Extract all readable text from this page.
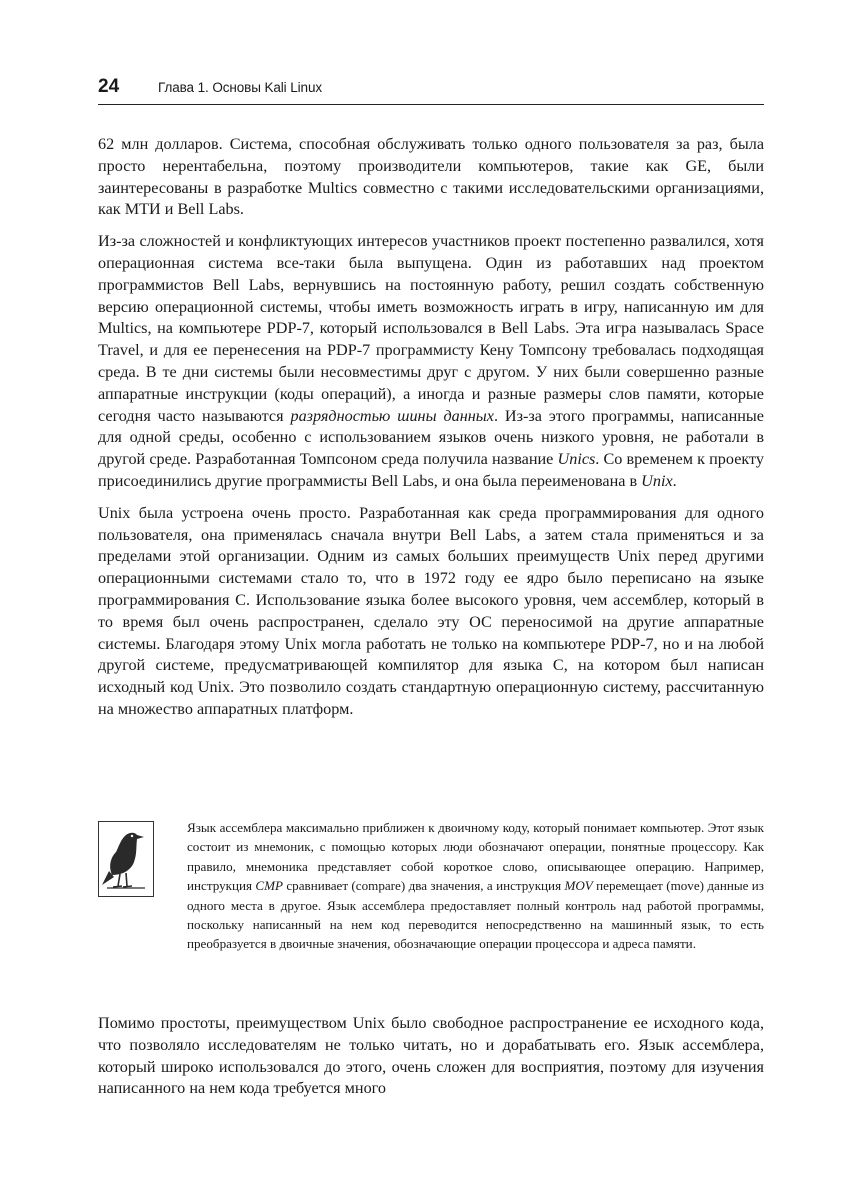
24	Глава 1. Основы Kali Linux

62 млн долларов. Система, способная обслуживать только одного пользователя за раз, была просто нерентабельна, поэтому производители компьютеров, такие как GE, были заинтересованы в разработке Multics совместно с такими исследовательскими организациями, как МТИ и Bell Labs.

Из-за сложностей и конфликтующих интересов участников проект постепенно развалился, хотя операционная система все-таки была выпущена. Один из работавших над проектом программистов Bell Labs, вернувшись на постоянную работу, решил создать собственную версию операционной системы, чтобы иметь возможность играть в игру, написанную им для Multics, на компьютере PDP-7, который использовался в Bell Labs. Эта игра называлась Space Travel, и для ее перенесения на PDP-7 программисту Кену Томпсону требовалась подходящая среда. В те дни системы были несовместимы друг с другом. У них были совершенно разные аппаратные инструкции (коды операций), а иногда и разные размеры слов памяти, которые сегодня часто называются разрядностью шины данных. Из-за этого программы, написанные для одной среды, особенно с использованием языков очень низкого уровня, не работали в другой среде. Разработанная Томпсоном среда получила название Unics. Со временем к проекту присоединились другие программисты Bell Labs, и она была переименована в Unix.

Unix была устроена очень просто. Разработанная как среда программирования для одного пользователя, она применялась сначала внутри Bell Labs, а затем стала применяться и за пределами этой организации. Одним из самых больших преимуществ Unix перед другими операционными системами стало то, что в 1972 году ее ядро было переписано на языке программирования C. Использование языка более высокого уровня, чем ассемблер, который в то время был очень распространен, сделало эту ОС переносимой на другие аппаратные системы. Благодаря этому Unix могла работать не только на компьютере PDP-7, но и на любой другой системе, предусматривающей компилятор для языка C, на котором был написан исходный код Unix. Это позволило создать стандартную операционную систему, рассчитанную на множество аппаратных платформ.

Язык ассемблера максимально приближен к двоичному коду, который понимает компьютер. Этот язык состоит из мнемоник, с помощью которых люди обозначают операции, понятные процессору. Как правило, мнемоника представляет собой короткое слово, описывающее операцию. Например, инструкция CMP сравнивает (compare) два значения, а инструкция MOV перемещает (move) данные из одного места в другое. Язык ассемблера предоставляет полный контроль над работой программы, поскольку написанный на нем код переводится непосредственно на машинный язык, то есть преобразуется в двоичные значения, обозначающие операции процессора и адреса памяти.

Помимо простоты, преимуществом Unix было свободное распространение ее исходного кода, что позволяло исследователям не только читать, но и дорабатывать его. Язык ассемблера, который широко использовался до этого, очень сложен для восприятия, поэтому для изучения написанного на нем кода требуется много
